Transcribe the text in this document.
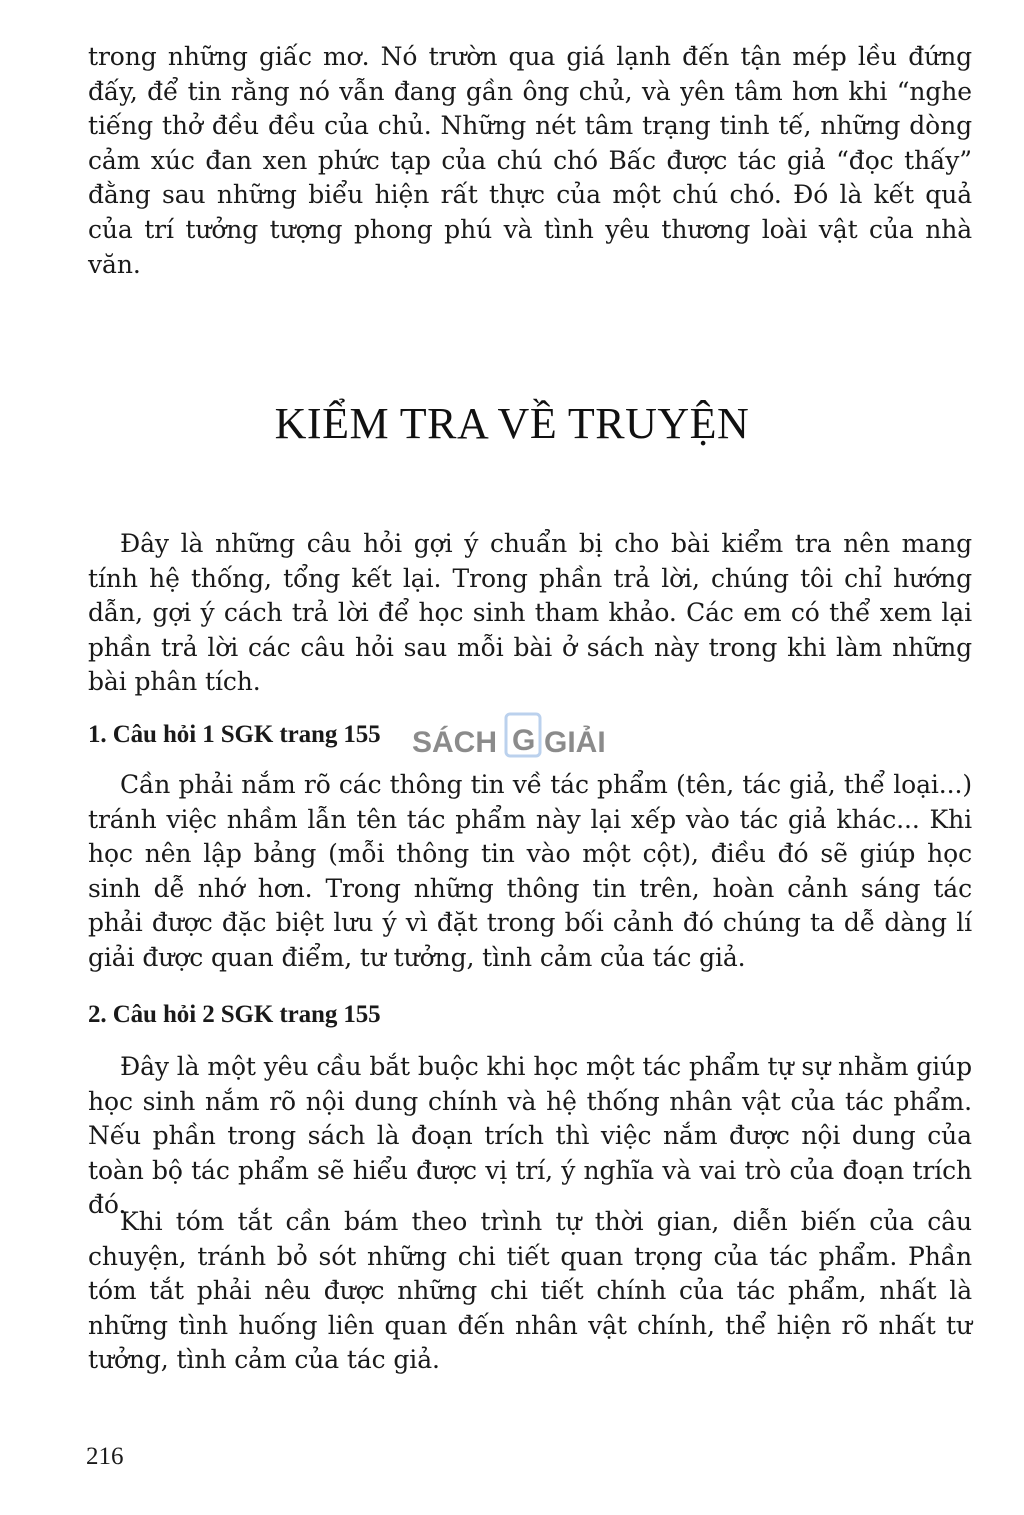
trong những giấc mơ. Nó trườn qua giá lạnh đến tận mép lều đứng đấy, để tin rằng nó vẫn đang gần ông chủ, và yên tâm hơn khi “nghe tiếng thở đều đều của chủ. Những nét tâm trạng tinh tế, những dòng cảm xúc đan xen phức tạp của chú chó Bấc được tác giả “đọc thấy” đằng sau những biểu hiện rất thực của một chú chó. Đó là kết quả của trí tưởng tượng phong phú và tình yêu thương loài vật của nhà văn.

KIỂM TRA VỀ TRUYỆN

Đây là những câu hỏi gợi ý chuẩn bị cho bài kiểm tra nên mang tính hệ thống, tổng kết lại. Trong phần trả lời, chúng tôi chỉ hướng dẫn, gợi ý cách trả lời để học sinh tham khảo. Các em có thể xem lại phần trả lời các câu hỏi sau mỗi bài ở sách này trong khi làm những bài phân tích.

1. Câu hỏi 1 SGK trang 155

Cần phải nắm rõ các thông tin về tác phẩm (tên, tác giả, thể loại...) tránh việc nhầm lẫn tên tác phẩm này lại xếp vào tác giả khác... Khi học nên lập bảng (mỗi thông tin vào một cột), điều đó sẽ giúp học sinh dễ nhớ hơn. Trong những thông tin trên, hoàn cảnh sáng tác phải được đặc biệt lưu ý vì đặt trong bối cảnh đó chúng ta dễ dàng lí giải được quan điểm, tư tưởng, tình cảm của tác giả.

2. Câu hỏi 2 SGK trang 155

Đây là một yêu cầu bắt buộc khi học một tác phẩm tự sự nhằm giúp học sinh nắm rõ nội dung chính và hệ thống nhân vật của tác phẩm. Nếu phần trong sách là đoạn trích thì việc nắm được nội dung của toàn bộ tác phẩm sẽ hiểu được vị trí, ý nghĩa và vai trò của đoạn trích đó.

Khi tóm tắt cần bám theo trình tự thời gian, diễn biến của câu chuyện, tránh bỏ sót những chi tiết quan trọng của tác phẩm. Phần tóm tắt phải nêu được những chi tiết chính của tác phẩm, nhất là những tình huống liên quan đến nhân vật chính, thể hiện rõ nhất tư tưởng, tình cảm của tác giả.

SÁCH G GIẢI
216
